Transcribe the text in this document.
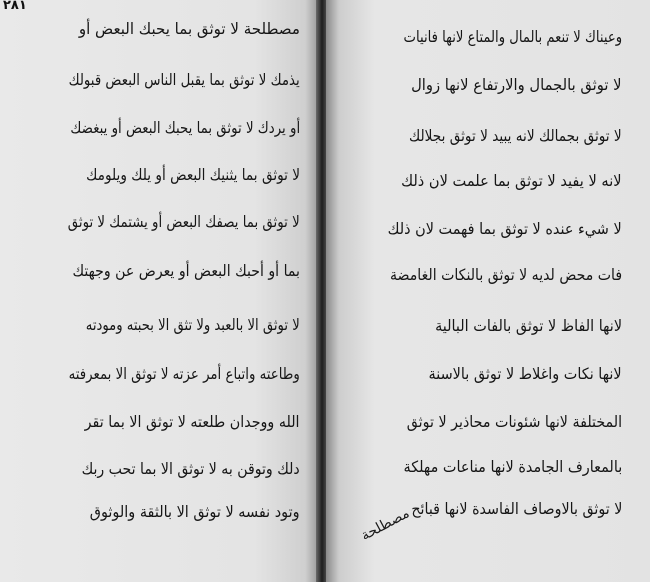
٢٨١
مصطلحة لا توثق بما يحبك البعض أو
يذمك لا توثق بما يقبل الناس البعض قبولك
أو يردك لا توثق بما يحبك البعض أو يبغضك
لا توثق بما يثنيك البعض أو يلك ويلومك
لا توثق بما يصفك البعض أو يشتمك لا توثق
بما أو أحبك البعض أو يعرض عن وجهتك
لا توثق الا بالعبد ولا تثق الا بحبته ومودته
وطاعته واتباع أمر عزته لا توثق الا بمعرفته
الله ووجدان طلعته لا توثق الا بما تقر
دلك وتوقن به لا توثق الا بما تحب ربك
وتود نفسه لا توثق الا بالثقة والوثوق
وعيناك لا تنعم بالمال والمتاع لانها فانيات
لا توثق بالجمال والارتفاع لانها زوال
لا توثق بجمالك لانه يبيد لا توثق بجلالك
لانه لا يفيد لا توثق بما علمت لان ذلك
لا شيء عنده لا توثق بما فهمت لان ذلك
فات محض لديه لا توثق بالنكات الغامضة
لانها الفاظ لا توثق بالفات البالية
لانها نكات واغلاط لا توثق بالاسنة
المختلفة لانها شئونات محاذير لا توثق
بالمعارف الجامدة لانها مناعات مهلكة
لا توثق بالاوصاف الفاسدة لانها قبائح
مصطلحة
